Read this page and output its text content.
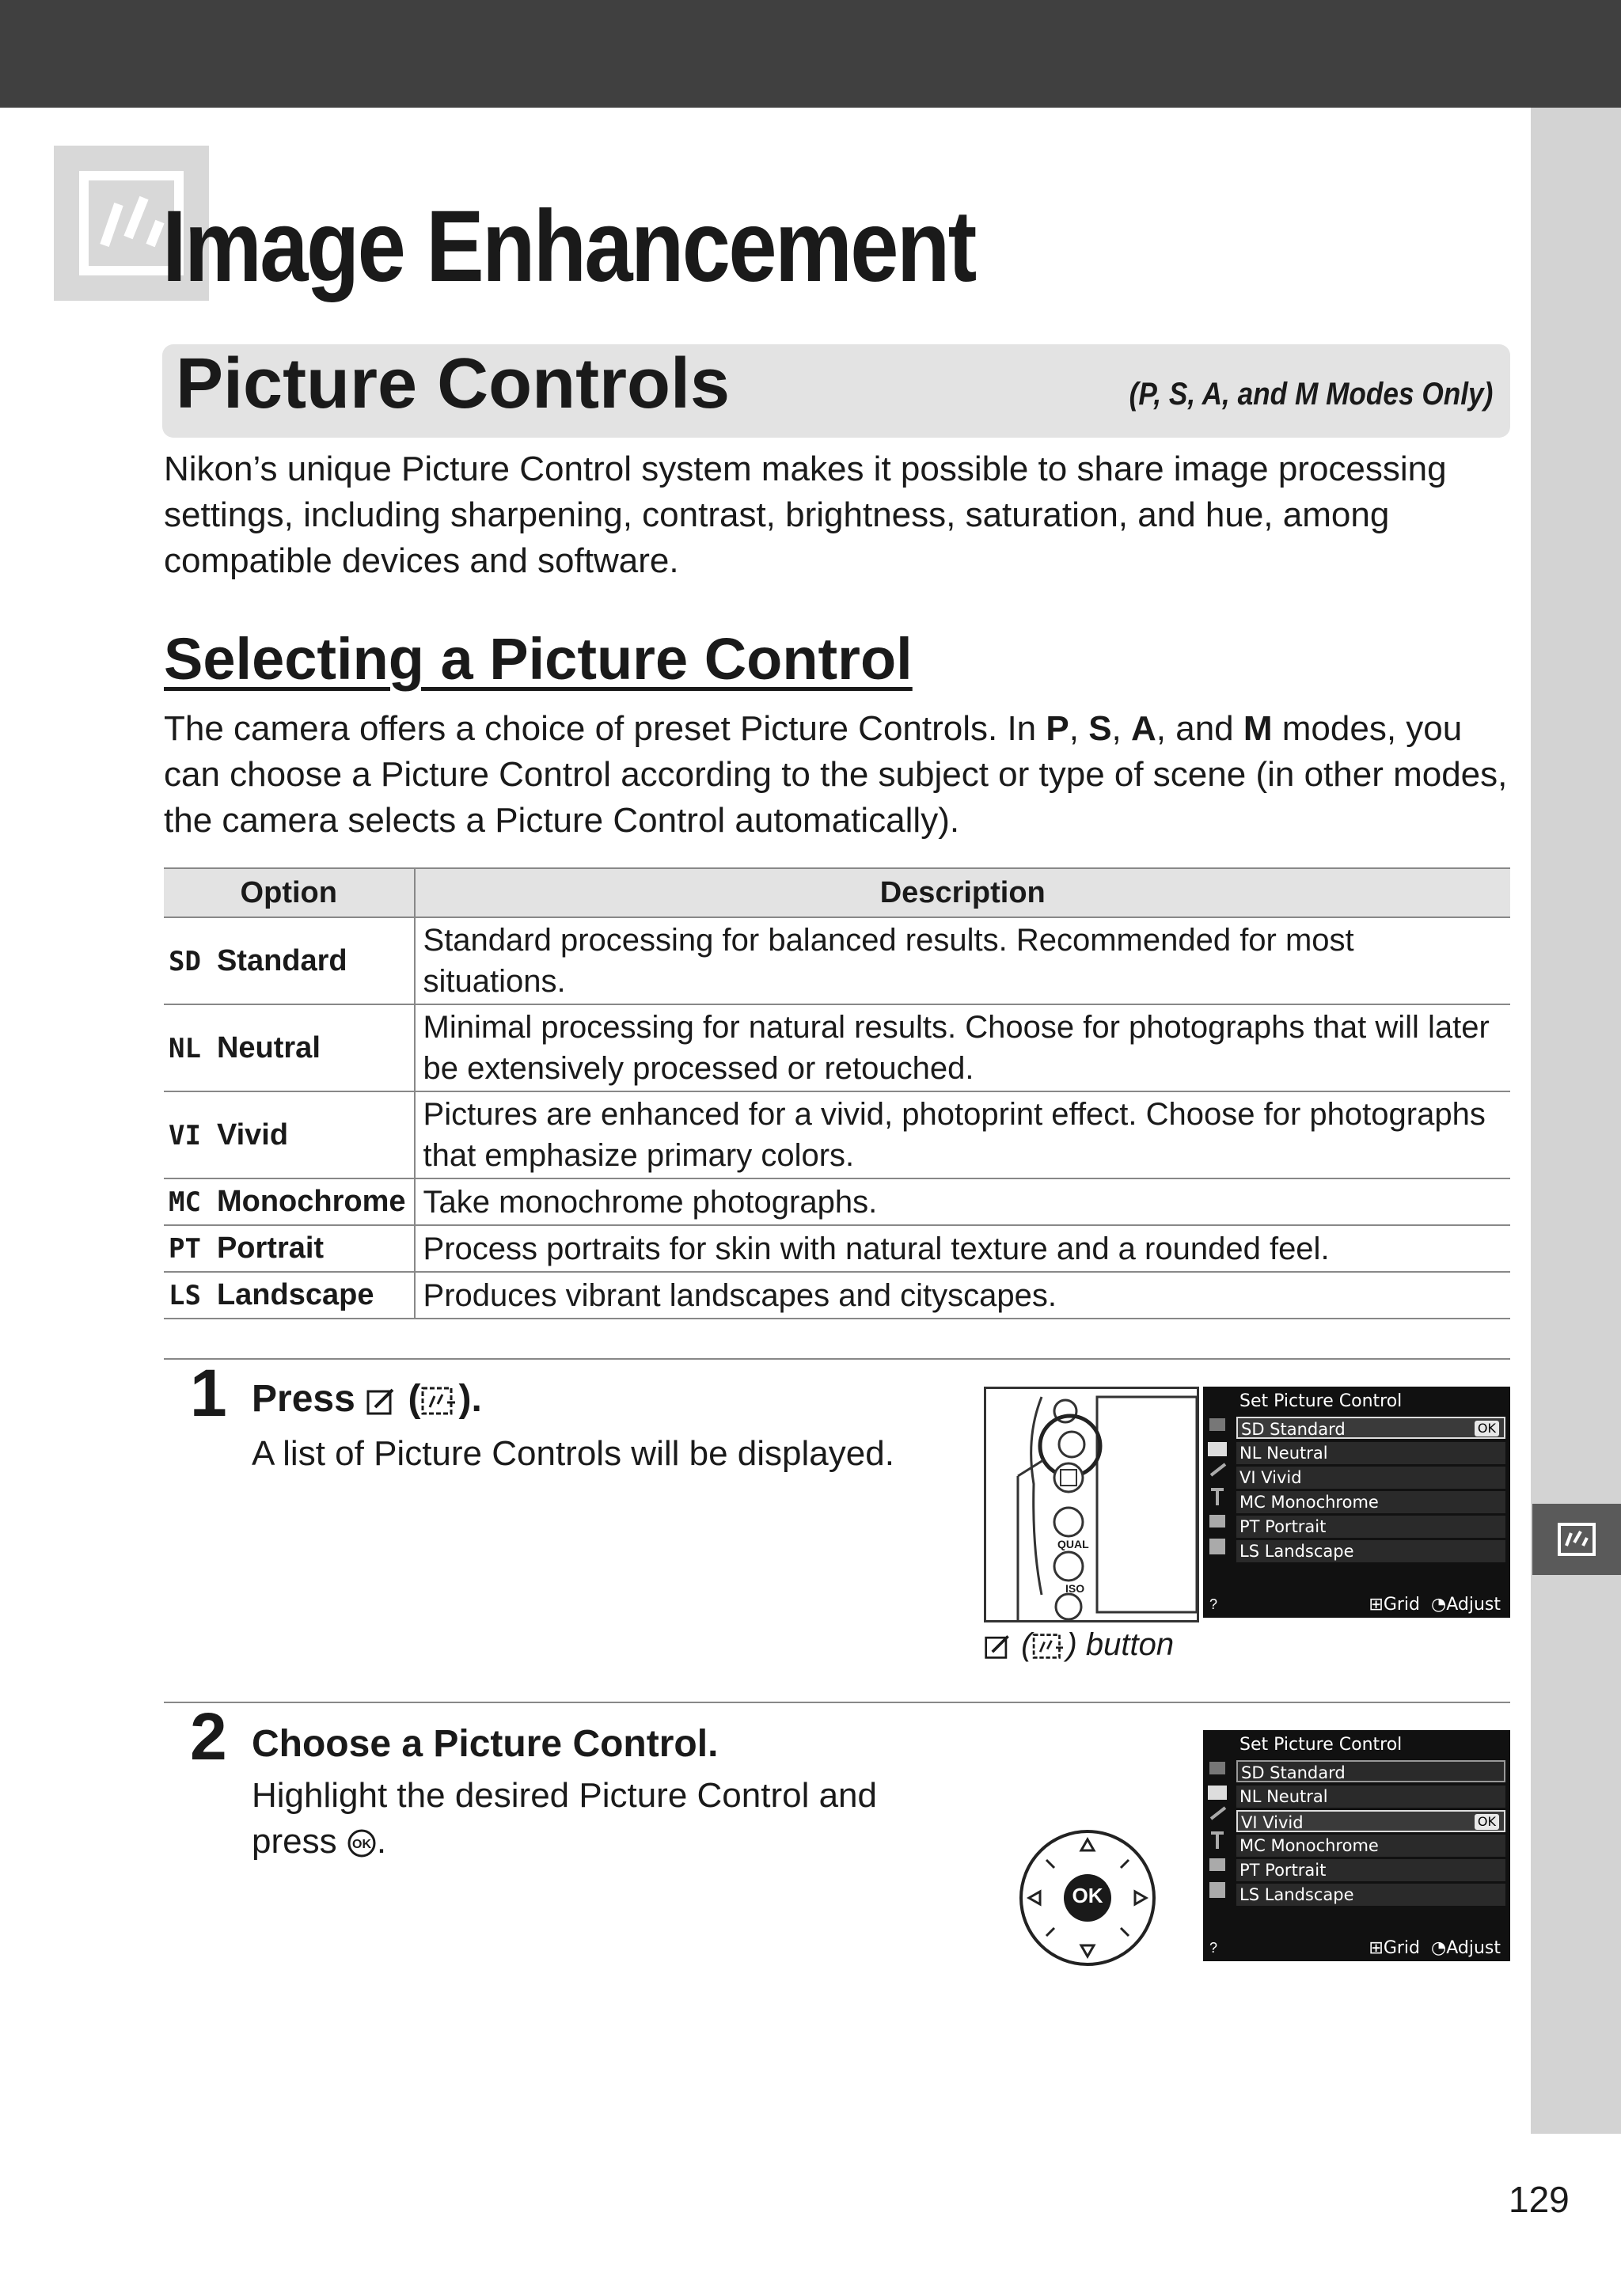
Image Enhancement
Picture Controls	(P, S, A, and M Modes Only)
Nikon’s unique Picture Control system makes it possible to share image processing settings, including sharpening, contrast, brightness, saturation, and hue, among compatible devices and software.
Selecting a Picture Control
The camera offers a choice of preset Picture Controls. In P, S, A, and M modes, you can choose a Picture Control according to the subject or type of scene (in other modes, the camera selects a Picture Control automatically).
Option	Description
SD Standard	Standard processing for balanced results. Recommended for most situations.
NL Neutral	Minimal processing for natural results. Choose for photographs that will later be extensively processed or retouched.
VI Vivid	Pictures are enhanced for a vivid, photoprint effect. Choose for photographs that emphasize primary colors.
MC Monochrome	Take monochrome photographs.
PT Portrait	Process portraits for skin with natural texture and a rounded feel.
LS Landscape	Produces vibrant landscapes and cityscapes.
1 Press  ( ).
A list of Picture Controls will be displayed.
QUAL
ISO
Set Picture Control
SD Standard	OK
NL Neutral
VI Vivid
MC Monochrome
PT Portrait
LS Landscape
?	⊞Grid ◔Adjust
( ) button
2 Choose a Picture Control.
Highlight the desired Picture Control and press OK .
OK
Set Picture Control
SD Standard
NL Neutral
VI Vivid	OK
MC Monochrome
PT Portrait
LS Landscape
?	⊞Grid ◔Adjust
129
